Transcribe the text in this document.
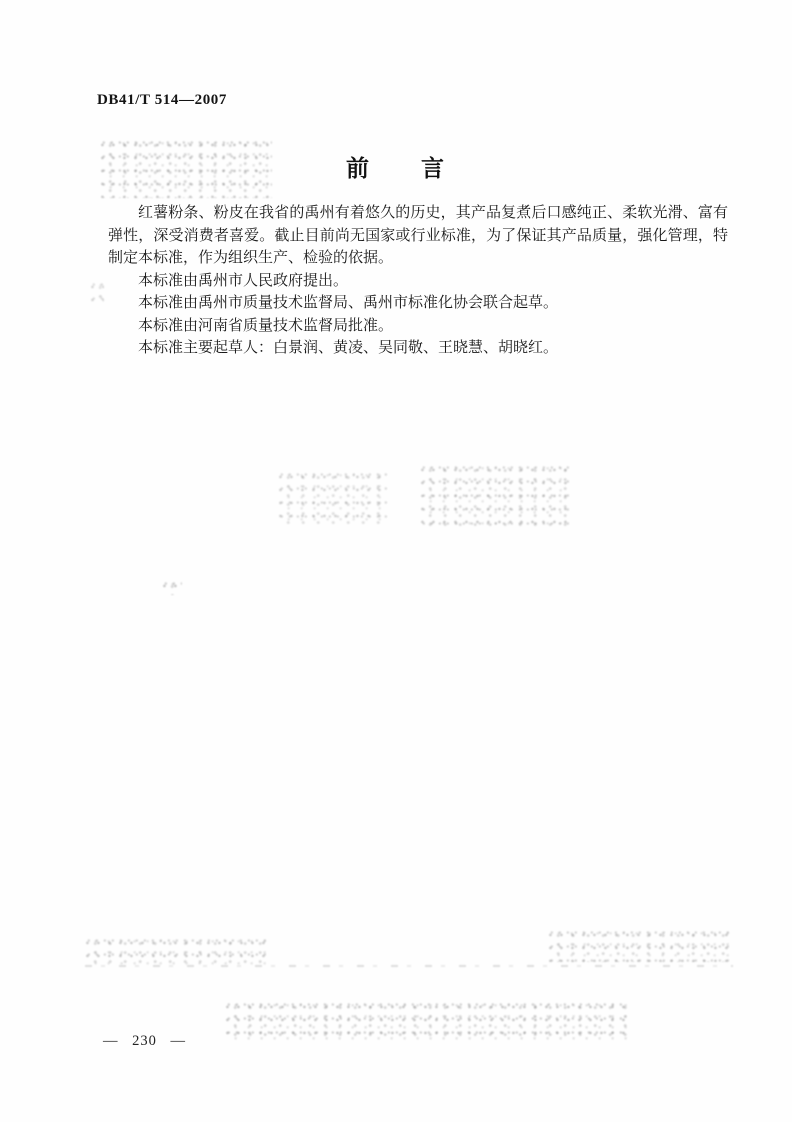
DB41/T 514—2007
前　　言

红薯粉条、粉皮在我省的禹州有着悠久的历史，其产品复煮后口感纯正、柔软光滑、富有弹性，深受消费者喜爱。截止目前尚无国家或行业标准，为了保证其产品质量，强化管理，特制定本标准，作为组织生产、检验的依据。

本标准由禹州市人民政府提出。

本标准由禹州市质量技术监督局、禹州市标准化协会联合起草。

本标准由河南省质量技术监督局批准。

本标准主要起草人：白景润、黄凌、吴同敬、王晓慧、胡晓红。

— 230 —
